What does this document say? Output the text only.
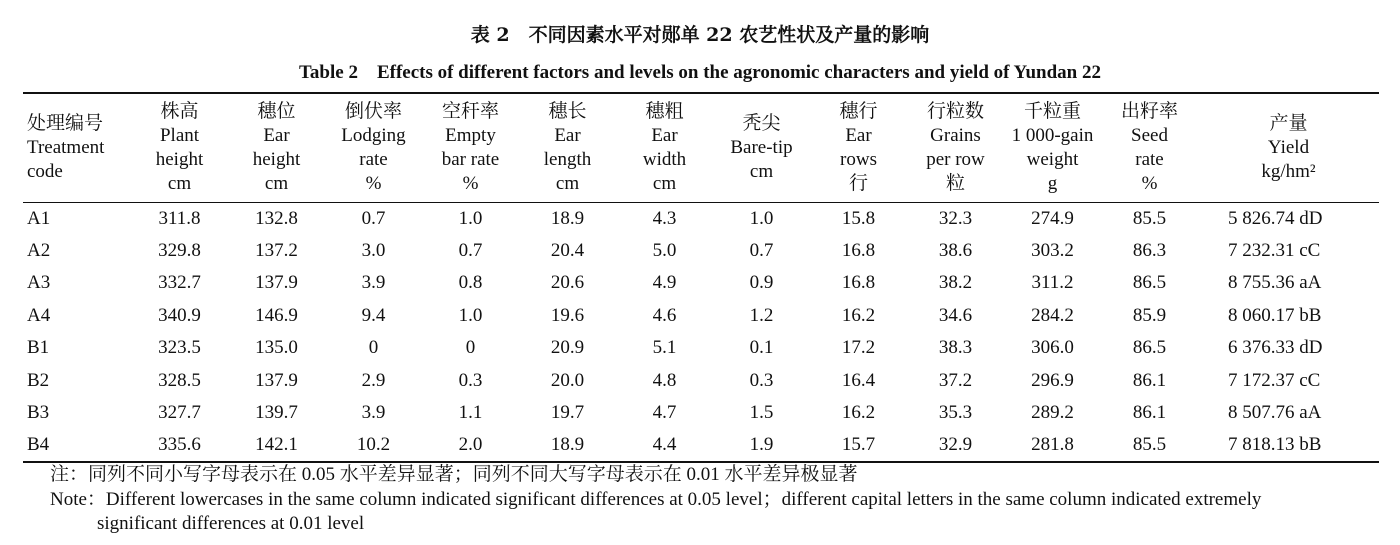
表 2　不同因素水平对郧单 22 农艺性状及产量的影响
Table 2　Effects of different factors and levels on the agronomic characters and yield of Yundan 22
处理编号
Treatment
code	株高
Plant
height
cm	穗位
Ear
height
cm	倒伏率
Lodging
rate
%	空秆率
Empty
bar rate
%	穗长
Ear
length
cm	穗粗
Ear
width
cm	秃尖
Bare-tip
cm	穗行
Ear
rows
行	行粒数
Grains
per row
粒	千粒重
1 000-gain
weight
g	出籽率
Seed
rate
%	产量
Yield
kg/hm²

A1	311.8	132.8	0.7	1.0	18.9	4.3	1.0	15.8	32.3	274.9	85.5	5 826.74 dD
A2	329.8	137.2	3.0	0.7	20.4	5.0	0.7	16.8	38.6	303.2	86.3	7 232.31 cC
A3	332.7	137.9	3.9	0.8	20.6	4.9	0.9	16.8	38.2	311.2	86.5	8 755.36 aA
A4	340.9	146.9	9.4	1.0	19.6	4.6	1.2	16.2	34.6	284.2	85.9	8 060.17 bB
B1	323.5	135.0	0	0	20.9	5.1	0.1	17.2	38.3	306.0	86.5	6 376.33 dD
B2	328.5	137.9	2.9	0.3	20.0	4.8	0.3	16.4	37.2	296.9	86.1	7 172.37 cC
B3	327.7	139.7	3.9	1.1	19.7	4.7	1.5	16.2	35.3	289.2	86.1	8 507.76 aA
B4	335.6	142.1	10.2	2.0	18.9	4.4	1.9	15.7	32.9	281.8	85.5	7 818.13 bB
注：同列不同小写字母表示在 0.05 水平差异显著；同列不同大写字母表示在 0.01 水平差异极显著
Note：Different lowercases in the same column indicated significant differences at 0.05 level；different capital letters in the same column indicated extremely
significant differences at 0.01 level
